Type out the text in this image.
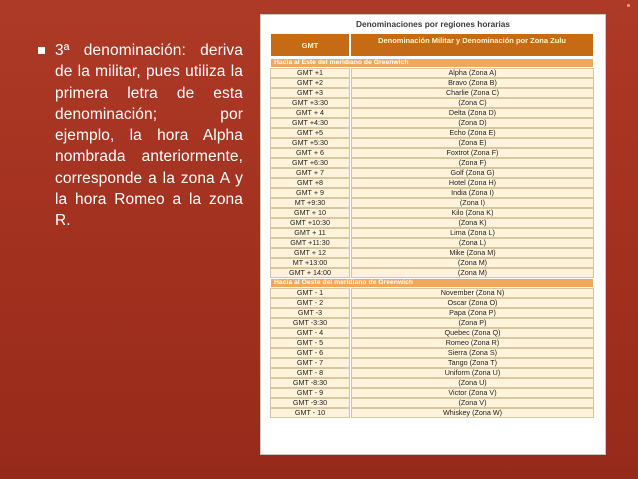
3ª denominación: deriva de la militar, pues utiliza la primera letra de esta denominación; por ejemplo, la hora Alpha nombrada anteriormente, corresponde a la zona A y la hora Romeo a la zona R.
Denominaciones por regiones horarias
GMT	Denominación Militar y Denominación por Zona Zulu
Hacia al Este del meridiano de Greenwich
GMT +1	Alpha (Zona A)
GMT +2	Bravo (Zona B)
GMT +3	Charlie (Zona C)
GMT +3:30	(Zona C)
GMT + 4	Delta (Zona D)
GMT +4:30	(Zona D)
GMT +5	Echo (Zona E)
GMT +5:30	(Zona E)
GMT + 6	Foxtrot (Zona F)
GMT +6:30	(Zona F)
GMT + 7	Golf (Zona G)
GMT +8	Hotel (Zona H)
GMT + 9	India (Zona I)
MT +9:30	(Zona I)
GMT + 10	Kilo (Zona K)
GMT +10:30	(Zona K)
GMT + 11	Lima (Zona L)
GMT +11:30	(Zona L)
GMT + 12	Mike (Zona M)
MT +13:00	(Zona M)
GMT + 14:00	(Zona M)
Hacia al Oeste del meridiano de Greenwich
GMT - 1	November (Zona N)
GMT - 2	Oscar (Zona O)
GMT -3	Papa (Zona P)
GMT -3:30	(Zona P)
GMT - 4	Quebec (Zona Q)
GMT - 5	Romeo (Zona R)
GMT - 6	Sierra (Zona S)
GMT - 7	Tango (Zona T)
GMT - 8	Uniform (Zona U)
GMT -8:30	(Zona U)
GMT - 9	Victor (Zona V)
GMT -9:30	(Zona V)
GMT - 10	Whiskey (Zona W)
